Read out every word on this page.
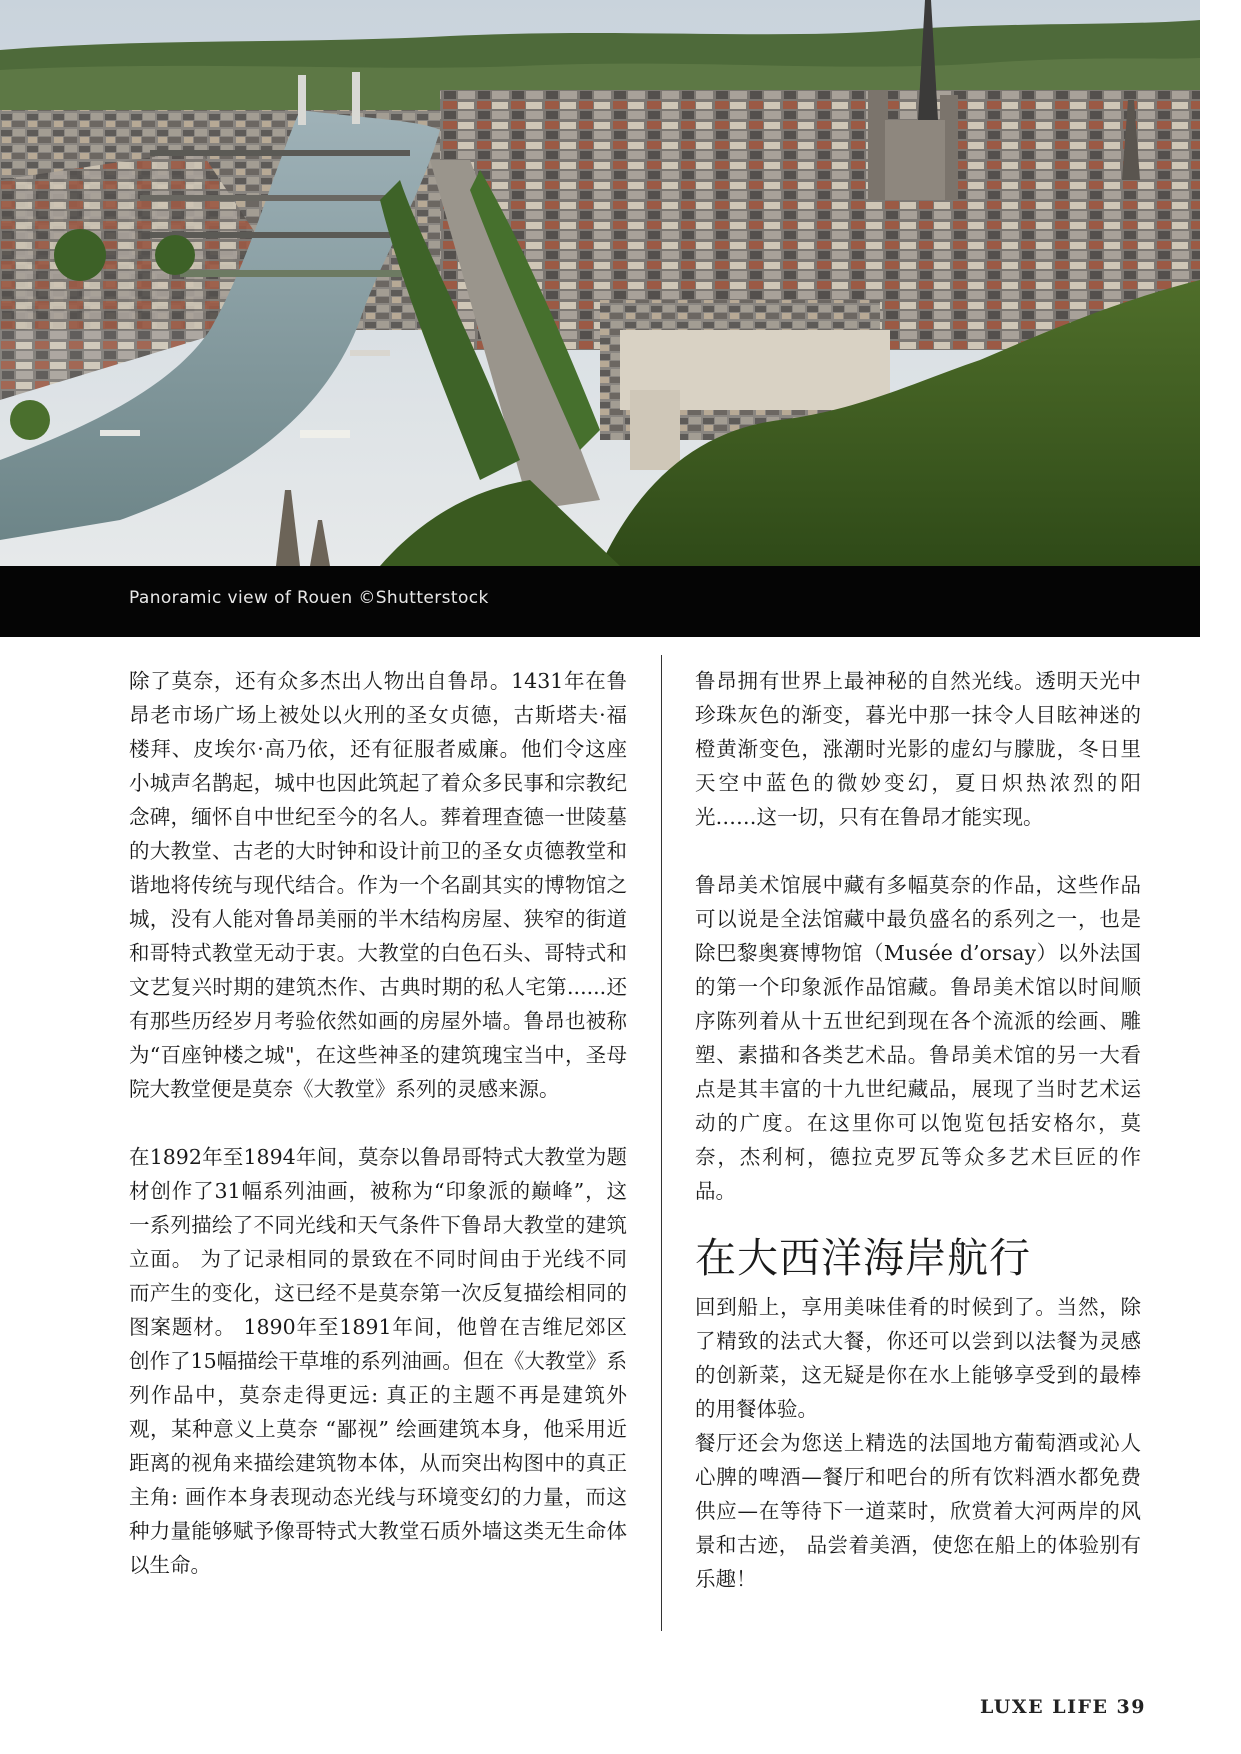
Panoramic view of Rouen ©Shutterstock

除了莫奈，还有众多杰出人物出自鲁昂。1431年在鲁昂老市场广场上被处以火刑的圣女贞德，古斯塔夫·福楼拜、皮埃尔·高乃依，还有征服者威廉。他们令这座小城声名鹊起，城中也因此筑起了着众多民事和宗教纪念碑，缅怀自中世纪至今的名人。葬着理查德一世陵墓的大教堂、古老的大时钟和设计前卫的圣女贞德教堂和谐地将传统与现代结合。作为一个名副其实的博物馆之城，没有人能对鲁昂美丽的半木结构房屋、狭窄的街道和哥特式教堂无动于衷。大教堂的白色石头、哥特式和文艺复兴时期的建筑杰作、古典时期的私人宅第......还有那些历经岁月考验依然如画的房屋外墙。鲁昂也被称为“百座钟楼之城"，在这些神圣的建筑瑰宝当中，圣母院大教堂便是莫奈《大教堂》系列的灵感来源。

在1892年至1894年间，莫奈以鲁昂哥特式大教堂为题材创作了31幅系列油画，被称为“印象派的巅峰”，这一系列描绘了不同光线和天气条件下鲁昂大教堂的建筑立面。 为了记录相同的景致在不同时间由于光线不同而产生的变化，这已经不是莫奈第一次反复描绘相同的图案题材。 1890年至1891年间，他曾在吉维尼郊区创作了15幅描绘干草堆的系列油画。但在《大教堂》系列作品中，莫奈走得更远: 真正的主题不再是建筑外观，某种意义上莫奈 “鄙视” 绘画建筑本身，他采用近距离的视角来描绘建筑物本体，从而突出构图中的真正主角: 画作本身表现动态光线与环境变幻的力量，而这种力量能够赋予像哥特式大教堂石质外墙这类无生命体以生命。

鲁昂拥有世界上最神秘的自然光线。透明天光中珍珠灰色的渐变，暮光中那一抹令人目眩神迷的橙黄渐变色，涨潮时光影的虚幻与朦胧，冬日里天空中蓝色的微妙变幻，夏日炽热浓烈的阳光……这一切，只有在鲁昂才能实现。

鲁昂美术馆展中藏有多幅莫奈的作品，这些作品可以说是全法馆藏中最负盛名的系列之一，也是除巴黎奥赛博物馆（Musée d’orsay）以外法国的第一个印象派作品馆藏。鲁昂美术馆以时间顺序陈列着从十五世纪到现在各个流派的绘画、雕塑、素描和各类艺术品。鲁昂美术馆的另一大看点是其丰富的十九世纪藏品，展现了当时艺术运动的广度。在这里你可以饱览包括安格尔，莫奈，杰利柯，德拉克罗瓦等众多艺术巨匠的作品。

在大西洋海岸航行

回到船上，享用美味佳肴的时候到了。当然，除了精致的法式大餐，你还可以尝到以法餐为灵感的创新菜，这无疑是你在水上能够享受到的最棒的用餐体验。

餐厅还会为您送上精选的法国地方葡萄酒或沁人心脾的啤酒—餐厅和吧台的所有饮料酒水都免费供应—在等待下一道菜时，欣赏着大河两岸的风景和古迹， 品尝着美酒，使您在船上的体验别有乐趣！

LUXE LIFE 39
